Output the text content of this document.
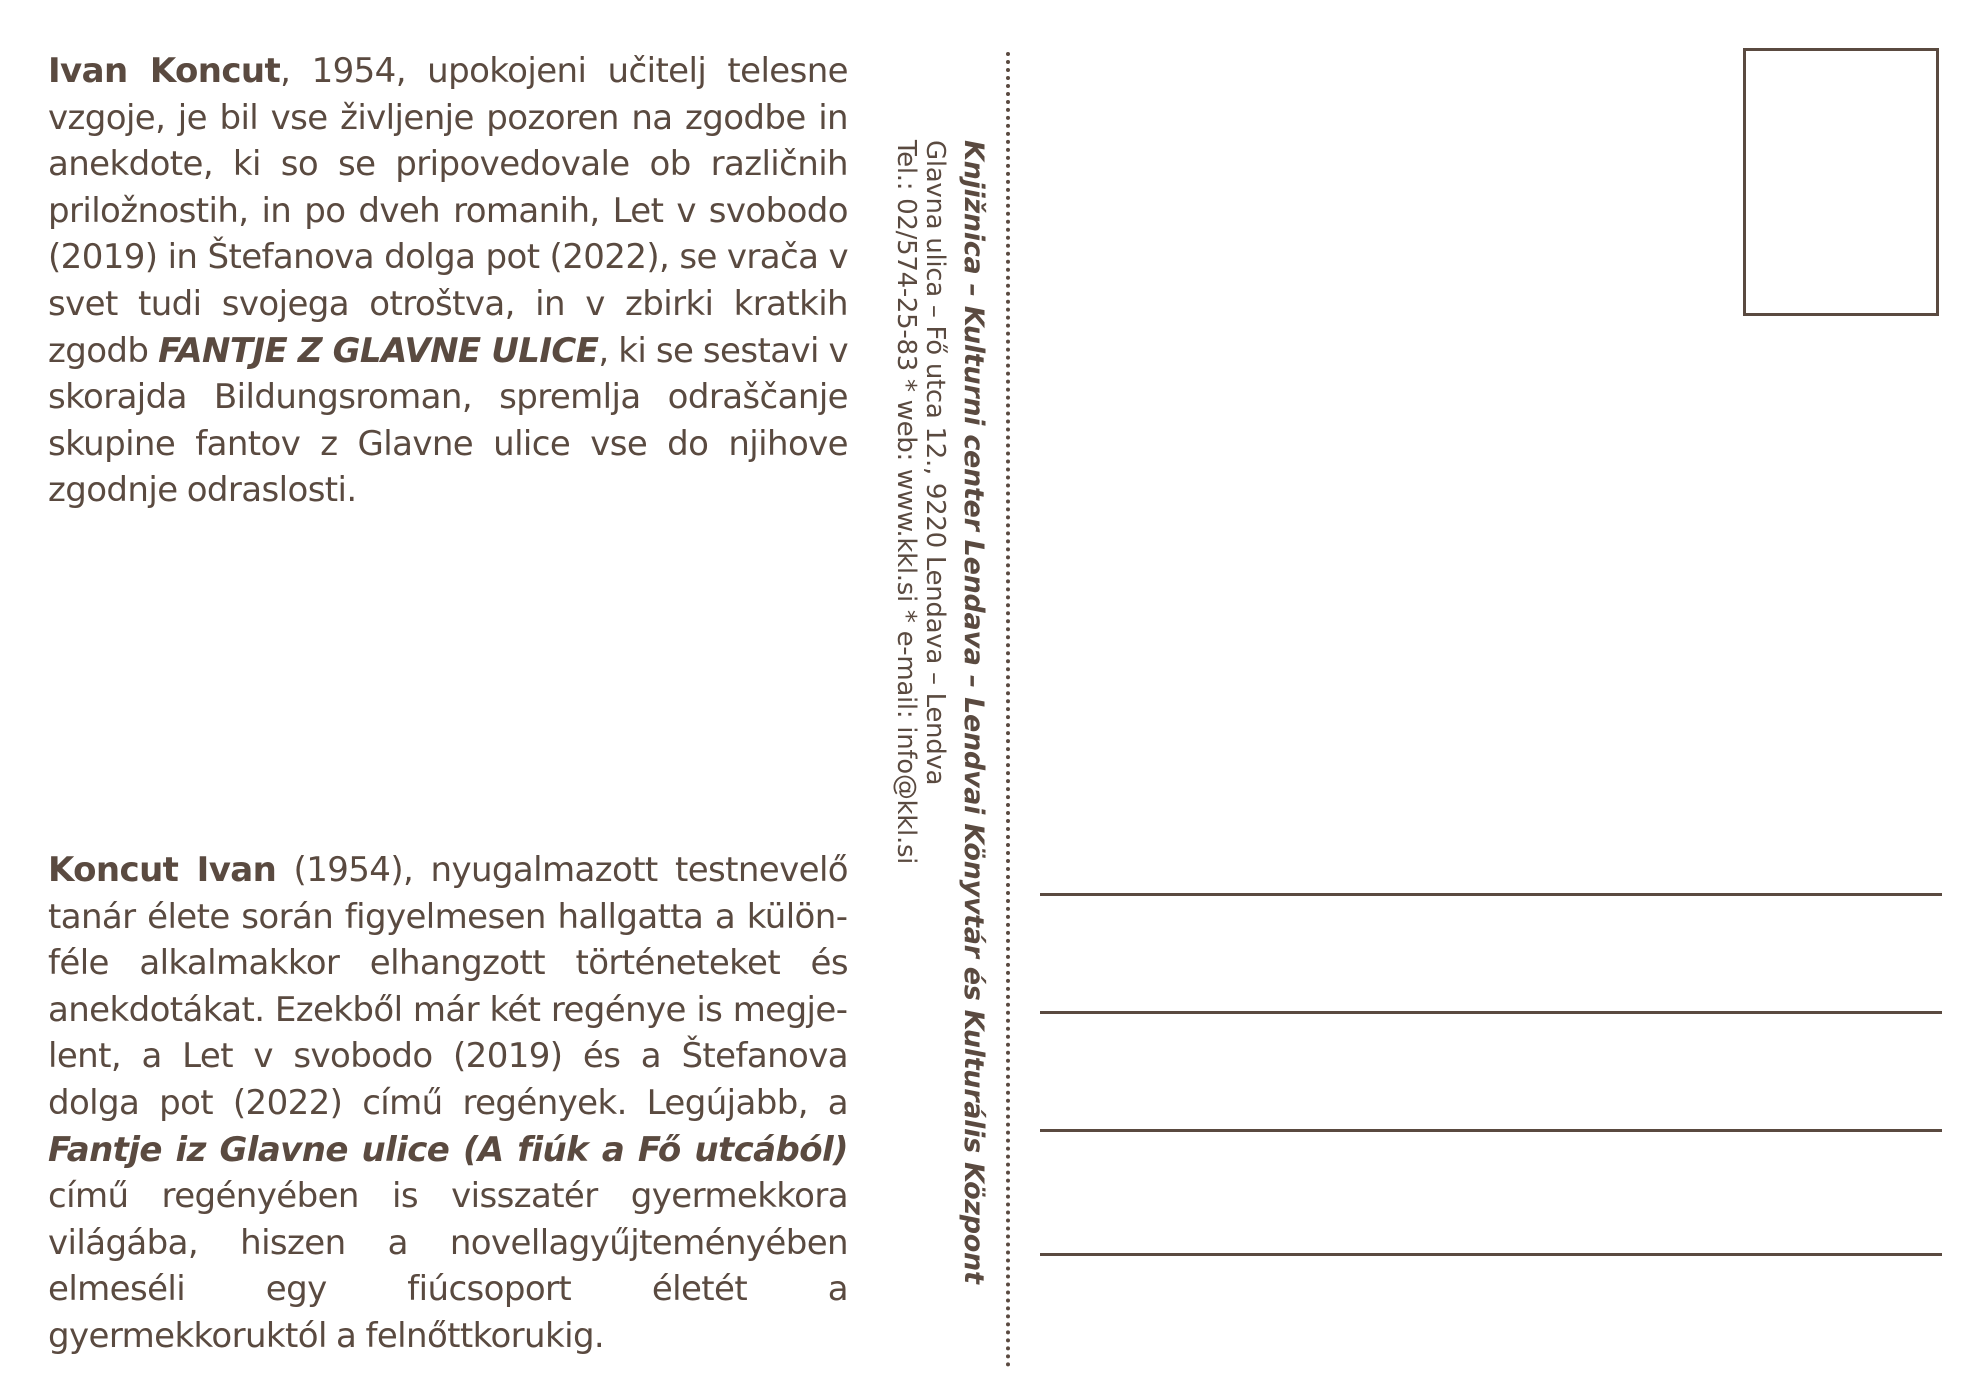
Ivan Koncut, 1954, upokojeni učitelj telesne vzgoje, je bil vse življenje pozoren na zgodbe in anekdote, ki so se pripovedovale ob različnih priložnostih, in po dveh romanih, Let v svobodo (2019) in Štefanova dolga pot (2022), se vrača v svet tudi svojega otroštva, in v zbirki kratkih zgodb FANTJE Z GLAVNE ULICE, ki se sestavi v skorajda Bildungsroman, spremlja odraščanje skupine fantov z Glavne ulice vse do njihove zgodnje odraslosti.

Koncut Ivan (1954), nyugalmazott testnevelő tanár élete során figyelmesen hallgatta a különféle alkalmakkor elhangzott történeteket és anekdotákat. Ezekből már két regénye is megjelent, a Let v svobodo (2019) és a Štefanova dolga pot (2022) című regények. Legújabb, a Fantje iz Glavne ulice (A fiúk a Fő utcából) című regényében is visszatér gyermekkora világába, hiszen a novellagyűjteményében elmeséli egy fiúcsoport életét a gyermekkoruktól a felnőttkorukig.

Knjižnica – Kulturni center Lendava – Lendvai Könyvtár és Kulturális Központ
Glavna ulica – Fő utca 12., 9220 Lendava – Lendva
Tel.: 02/574-25-83 * web: www.kkl.si * e-mail: info@kkl.si
